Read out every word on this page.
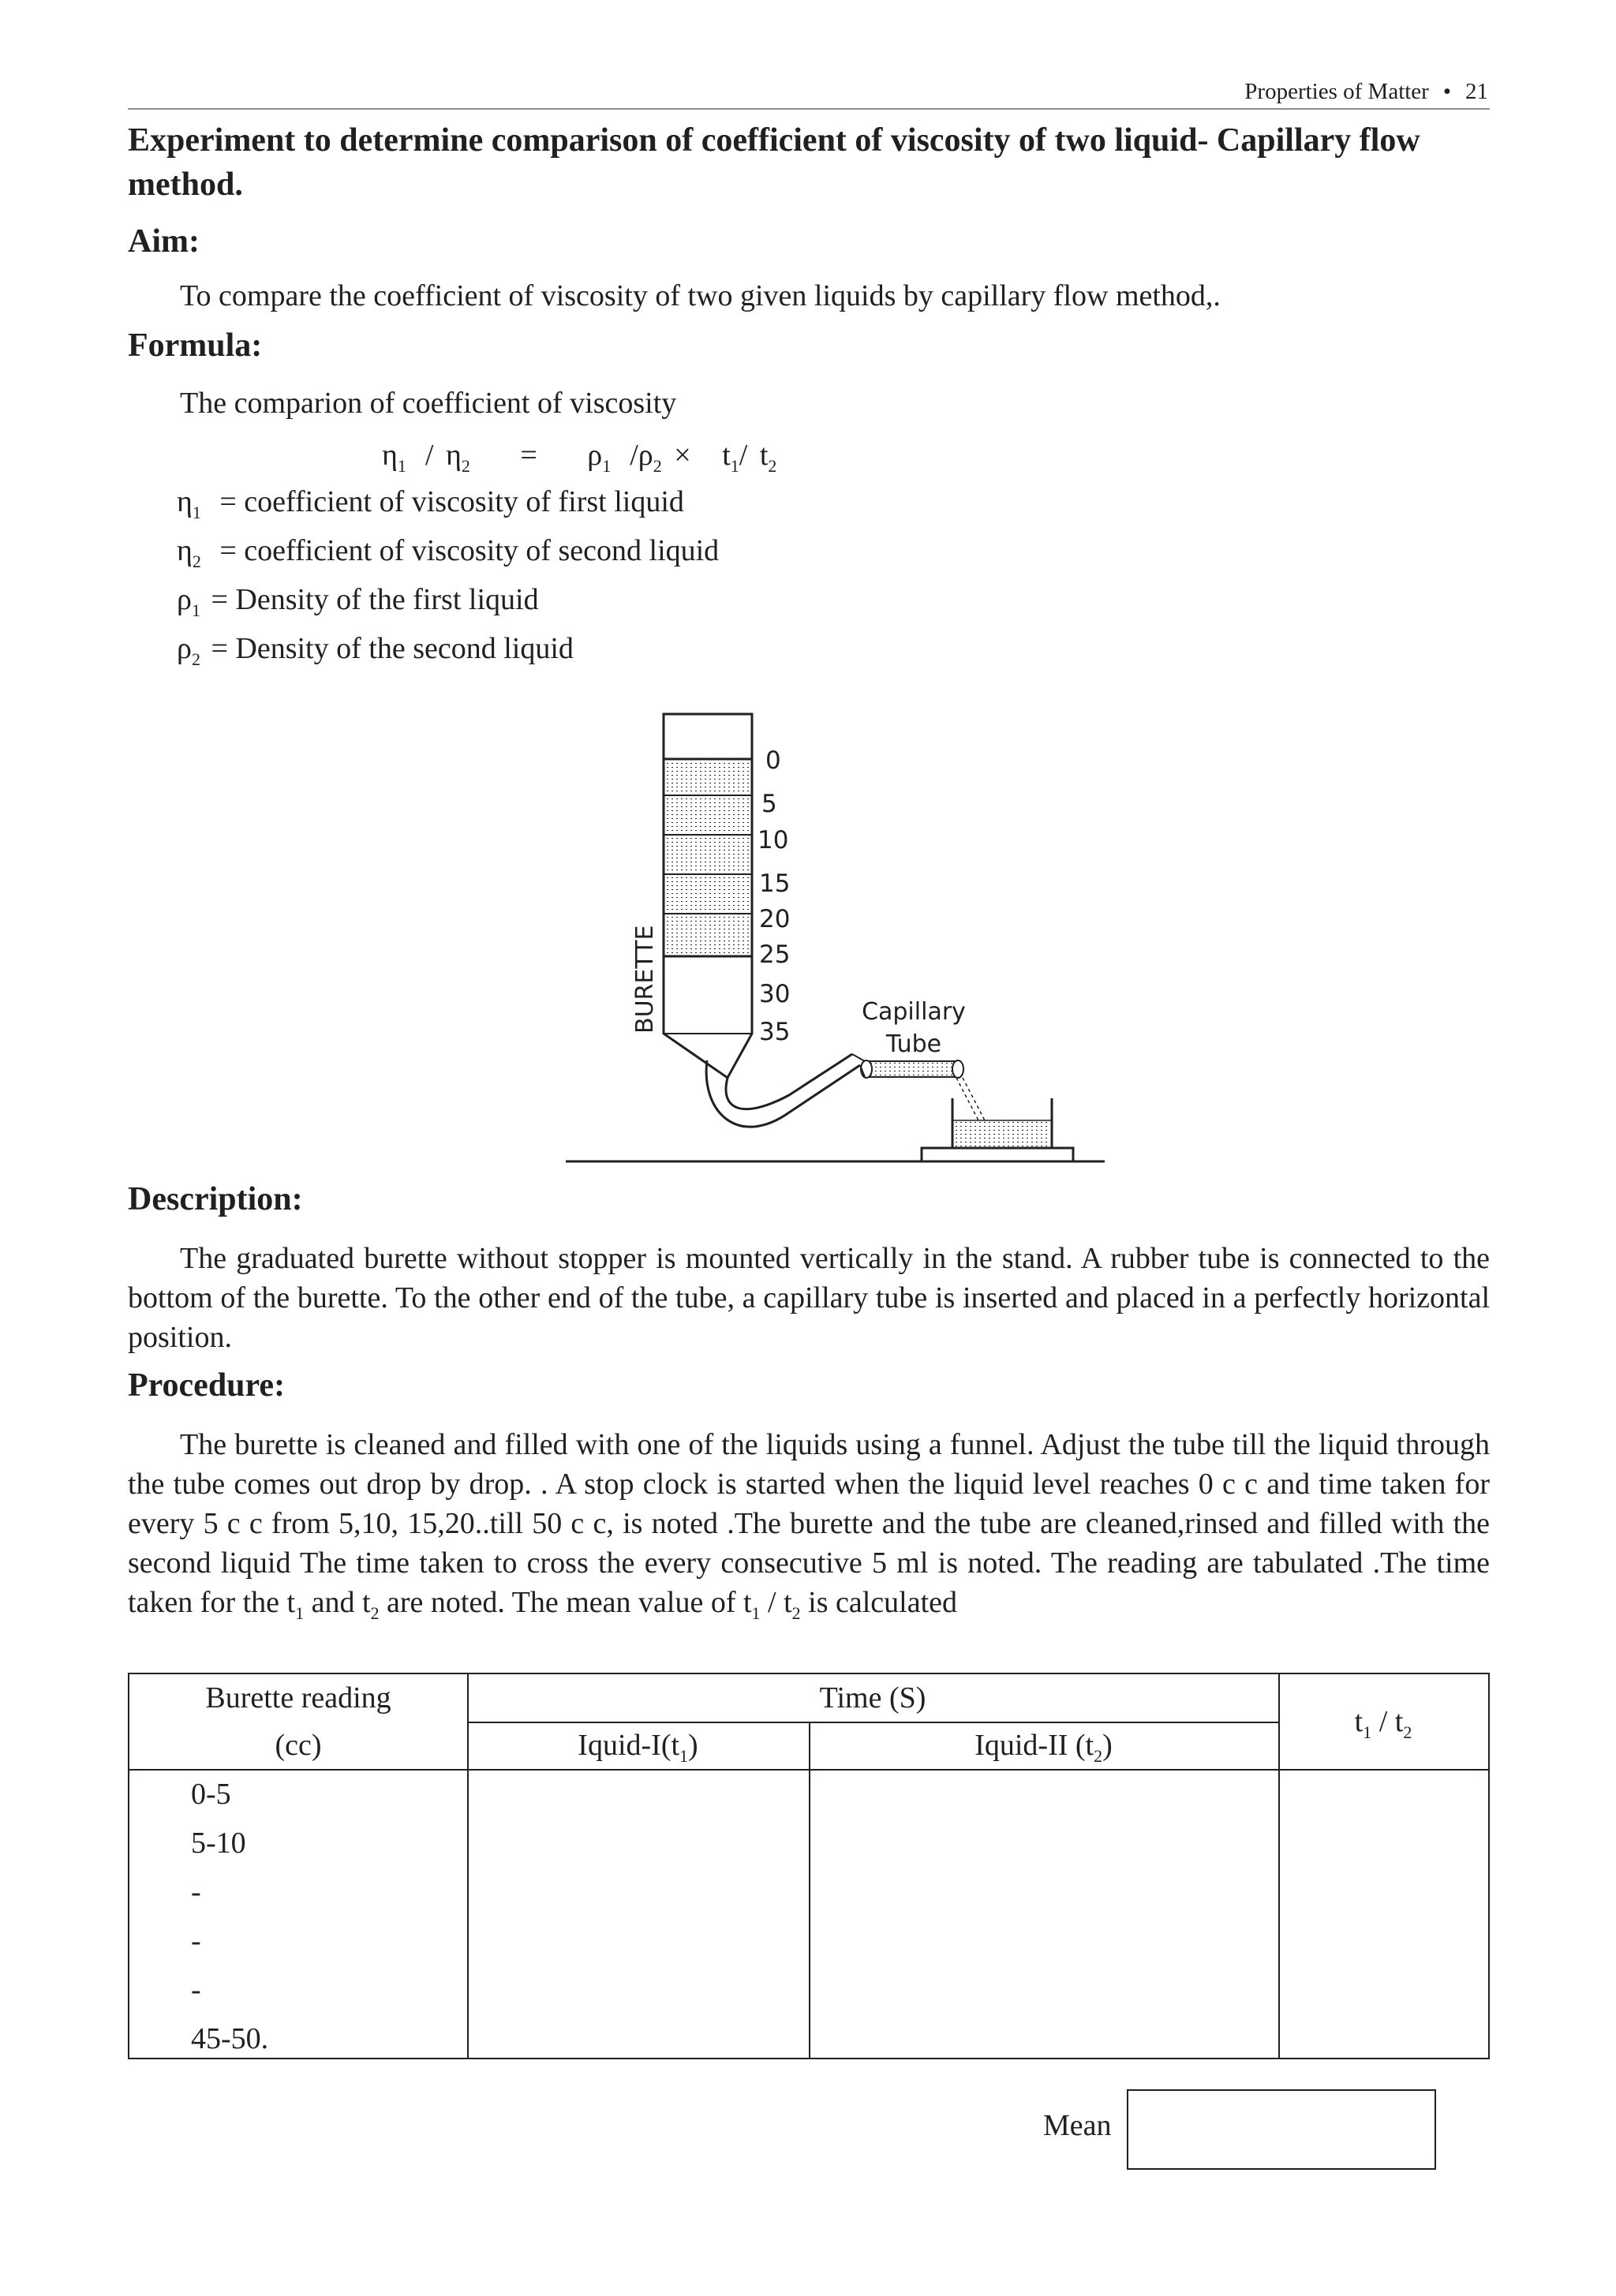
Properties of Matter • 21
Experiment to determine comparison of coefficient of viscosity of two liquid- Capillary flow method.
Aim:
To compare the coefficient of viscosity of two given liquids by capillary flow method,.
Formula:
The comparion of coefficient of viscosity
$\eta_1 / \eta_2 = \rho_1$ $/\rho_2 \times t_1/$ $t_2$
$\eta_1$ = coefficient of viscosity of first liquid
$\eta_2$ = coefficient of viscosity of second liquid
$\rho_1$ = Density of the first liquid
$\rho_2$ = Density of the second liquid
0
5
10
15
20
25
30
35
BURETTE	Capillary
Tube
Description:
The graduated burette without stopper is mounted vertically in the stand. A rubber tube is connected to the bottom of the burette. To the other end of the tube, a capillary tube is inserted and placed in a perfectly horizontal position.
Procedure:
The burette is cleaned and filled with one of the liquids using a funnel. Adjust the tube till the liquid through the tube comes out drop by drop. . A stop clock is started when the liquid level reaches 0 c c and time taken for every 5 c c from 5,10, 15,20..till 50 c c, is noted .The burette and the tube are cleaned,rinsed and filled with the second liquid The time taken to cross the every consecutive 5 ml is noted. The reading are tabulated .The time taken for the $t_1$ and $t_2$ are noted. The mean value of $t_1 / t_2$ is calculated
Burette reading
(cc)
Time (S)
Iquid-$I(t_1)$	Iquid-II $(t_2)$
$t_1 / t_2$
0-5
5-10
-
-
-
45-50.
Mean
